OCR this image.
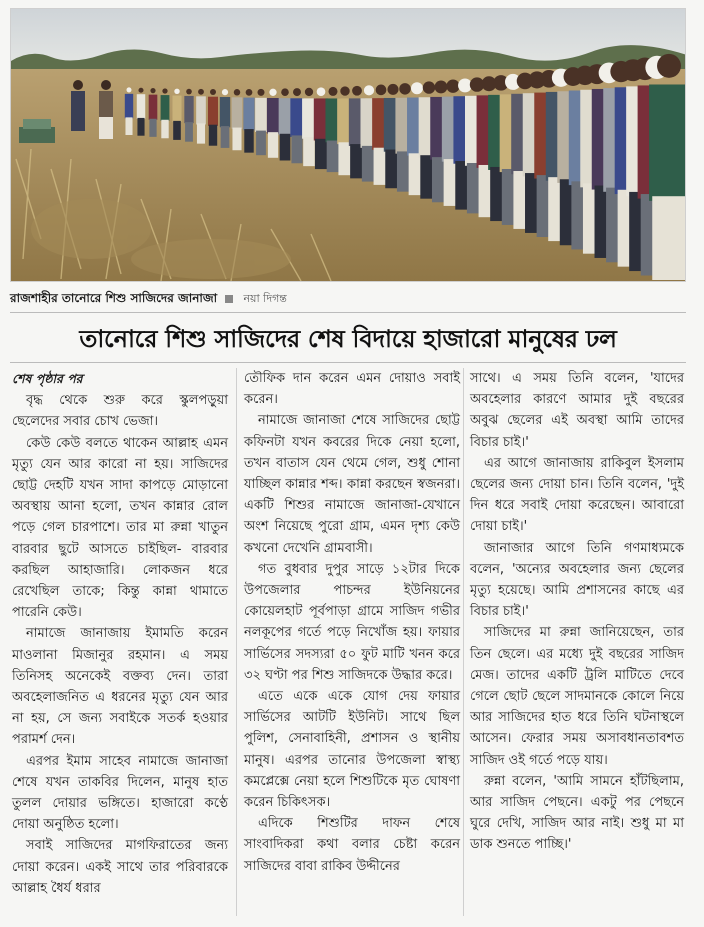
রাজশাহীর তানোরে শিশু সাজিদের জানাজা নয়া দিগন্ত
তানোরে শিশু সাজিদের শেষ বিদায়ে হাজারো মানুষের ঢল

শেষ পৃষ্ঠার পর

বৃদ্ধ থেকে শুরু করে স্কুলপড়ুয়া ছেলেদের সবার চোখ ভেজা।

কেউ কেউ বলতে থাকেন আল্লাহ এমন মৃত্যু যেন আর কারো না হয়। সাজিদের ছোট্ট দেহটি যখন সাদা কাপড়ে মোড়ানো অবস্থায় আনা হলো, তখন কান্নার রোল পড়ে গেল চারপাশে। তার মা রুন্না খাতুন বারবার ছুটে আসতে চাইছিল- বারবার করছিল আহাজারি। লোকজন ধরে রেখেছিল তাকে; কিন্তু কান্না থামাতে পারেনি কেউ।

নামাজে জানাজায় ইমামতি করেন মাওলানা মিজানুর রহমান। এ সময় তিনিসহ অনেকেই বক্তব্য দেন। তারা অবহেলাজনিত এ ধরনের মৃত্যু যেন আর না হয়, সে জন্য সবাইকে সতর্ক হওয়ার পরামর্শ দেন।

এরপর ইমাম সাহেব নামাজে জানাজা শেষে যখন তাকবির দিলেন, মানুষ হাত তুলল দোয়ার ভঙ্গিতে। হাজারো কণ্ঠে দোয়া অনুষ্ঠিত হলো।

সবাই সাজিদের মাগফিরাতের জন্য দোয়া করেন। একই সাথে তার পরিবারকে আল্লাহ ধৈর্য ধরার

তৌফিক দান করেন এমন দোয়াও সবাই করেন।

নামাজে জানাজা শেষে সাজিদের ছোট্ট কফিনটা যখন কবরের দিকে নেয়া হলো, তখন বাতাস যেন থেমে গেল, শুধু শোনা যাচ্ছিল কান্নার শব্দ। কান্না করছেন স্বজনরা। একটি শিশুর নামাজে জানাজা-যেখানে অংশ নিয়েছে পুরো গ্রাম, এমন দৃশ্য কেউ কখনো দেখেনি গ্রামবাসী।

গত বুধবার দুপুর সাড়ে ১২টার দিকে উপজেলার পাচন্দর ইউনিয়নের কোয়েলহাট পূর্বপাড়া গ্রামে সাজিদ গভীর নলকূপের গর্তে পড়ে নিখোঁজ হয়। ফায়ার সার্ভিসের সদস্যরা ৫০ ফুট মাটি খনন করে ৩২ ঘণ্টা পর শিশু সাজিদকে উদ্ধার করে।

এতে একে একে যোগ দেয় ফায়ার সার্ভিসের আটটি ইউনিট। সাথে ছিল পুলিশ, সেনাবাহিনী, প্রশাসন ও স্থানীয় মানুষ। এরপর তানোর উপজেলা স্বাস্থ্য কমপ্লেক্সে নেয়া হলে শিশুটিকে মৃত ঘোষণা করেন চিকিৎসক।

এদিকে শিশুটির দাফন শেষে সাংবাদিকরা কথা বলার চেষ্টা করেন সাজিদের বাবা রাকিব উদ্দীনের

সাথে। এ সময় তিনি বলেন, 'যাদের অবহেলার কারণে আমার দুই বছরের অবুঝ ছেলের এই অবস্থা আমি তাদের বিচার চাই।'

এর আগে জানাজায় রাকিবুল ইসলাম ছেলের জন্য দোয়া চান। তিনি বলেন, 'দুই দিন ধরে সবাই দোয়া করেছেন। আবারো দোয়া চাই।'

জানাজার আগে তিনি গণমাধ্যমকে বলেন, 'অন্যের অবহেলার জন্য ছেলের মৃত্যু হয়েছে। আমি প্রশাসনের কাছে এর বিচার চাই।'

সাজিদের মা রুন্না জানিয়েছেন, তার তিন ছেলে। এর মধ্যে দুই বছরের সাজিদ মেজ। তাদের একটি ট্রলি মাটিতে দেবে গেলে ছোট ছেলে সাদমানকে কোলে নিয়ে আর সাজিদের হাত ধরে তিনি ঘটনাস্থলে আসেন। ফেরার সময় অসাবধানতাবশত সাজিদ ওই গর্তে পড়ে যায়।

রুন্না বলেন, 'আমি সামনে হাঁটছিলাম, আর সাজিদ পেছনে। একটু পর পেছনে ঘুরে দেখি, সাজিদ আর নাই। শুধু মা মা ডাক শুনতে পাচ্ছি।'
